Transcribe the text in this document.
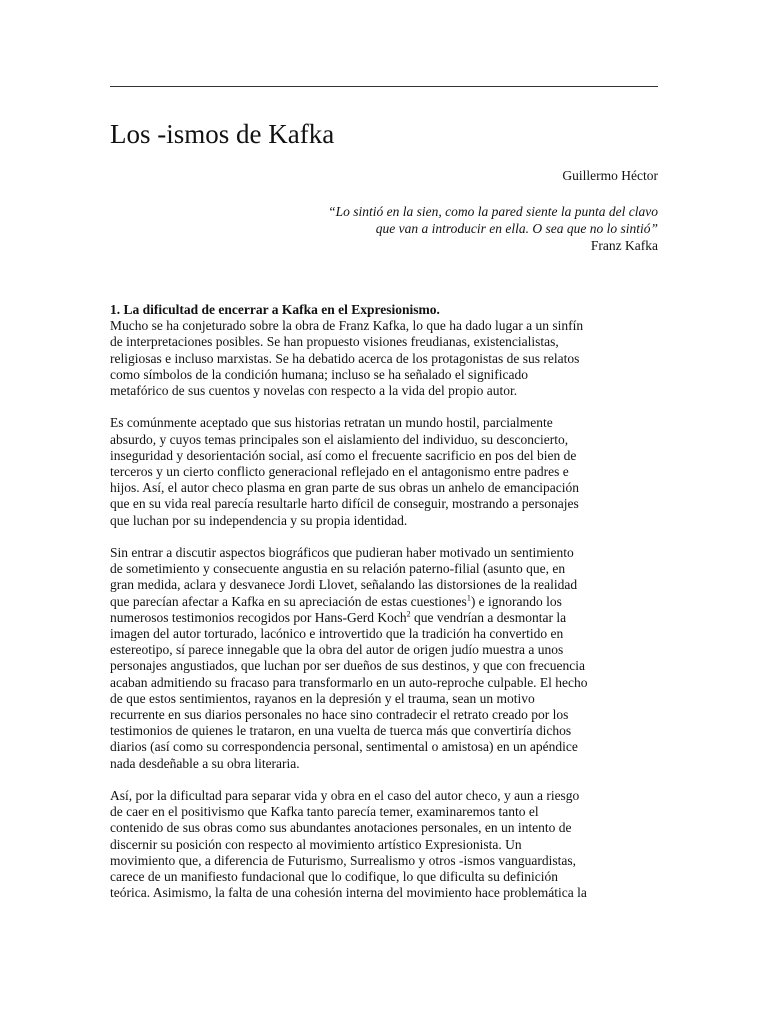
Los -ismos de Kafka
Guillermo Héctor
“Lo sintió en la sien, como la pared siente la punta del clavo
que van a introducir en ella. O sea que no lo sintió”
Franz Kafka
1. La dificultad de encerrar a Kafka en el Expresionismo.
Mucho se ha conjeturado sobre la obra de Franz Kafka, lo que ha dado lugar a un sinfín
de interpretaciones posibles. Se han propuesto visiones freudianas, existencialistas,
religiosas e incluso marxistas. Se ha debatido acerca de los protagonistas de sus relatos
como símbolos de la condición humana; incluso se ha señalado el significado
metafórico de sus cuentos y novelas con respecto a la vida del propio autor.
Es comúnmente aceptado que sus historias retratan un mundo hostil, parcialmente
absurdo, y cuyos temas principales son el aislamiento del individuo, su desconcierto,
inseguridad y desorientación social, así como el frecuente sacrificio en pos del bien de
terceros y un cierto conflicto generacional reflejado en el antagonismo entre padres e
hijos. Así, el autor checo plasma en gran parte de sus obras un anhelo de emancipación
que en su vida real parecía resultarle harto difícil de conseguir, mostrando a personajes
que luchan por su independencia y su propia identidad.
Sin entrar a discutir aspectos biográficos que pudieran haber motivado un sentimiento
de sometimiento y consecuente angustia en su relación paterno-filial (asunto que, en
gran medida, aclara y desvanece Jordi Llovet, señalando las distorsiones de la realidad
que parecían afectar a Kafka en su apreciación de estas cuestiones$^1$) e ignorando los
numerosos testimonios recogidos por Hans-Gerd Koch$^2$ que vendrían a desmontar la
imagen del autor torturado, lacónico e introvertido que la tradición ha convertido en
estereotipo, sí parece innegable que la obra del autor de origen judío muestra a unos
personajes angustiados, que luchan por ser dueños de sus destinos, y que con frecuencia
acaban admitiendo su fracaso para transformarlo en un auto-reproche culpable. El hecho
de que estos sentimientos, rayanos en la depresión y el trauma, sean un motivo
recurrente en sus diarios personales no hace sino contradecir el retrato creado por los
testimonios de quienes le trataron, en una vuelta de tuerca más que convertiría dichos
diarios (así como su correspondencia personal, sentimental o amistosa) en un apéndice
nada desdeñable a su obra literaria.
Así, por la dificultad para separar vida y obra en el caso del autor checo, y aun a riesgo
de caer en el positivismo que Kafka tanto parecía temer, examinaremos tanto el
contenido de sus obras como sus abundantes anotaciones personales, en un intento de
discernir su posición con respecto al movimiento artístico Expresionista. Un
movimiento que, a diferencia de Futurismo, Surrealismo y otros -ismos vanguardistas,
carece de un manifiesto fundacional que lo codifique, lo que dificulta su definición
teórica. Asimismo, la falta de una cohesión interna del movimiento hace problemática la
